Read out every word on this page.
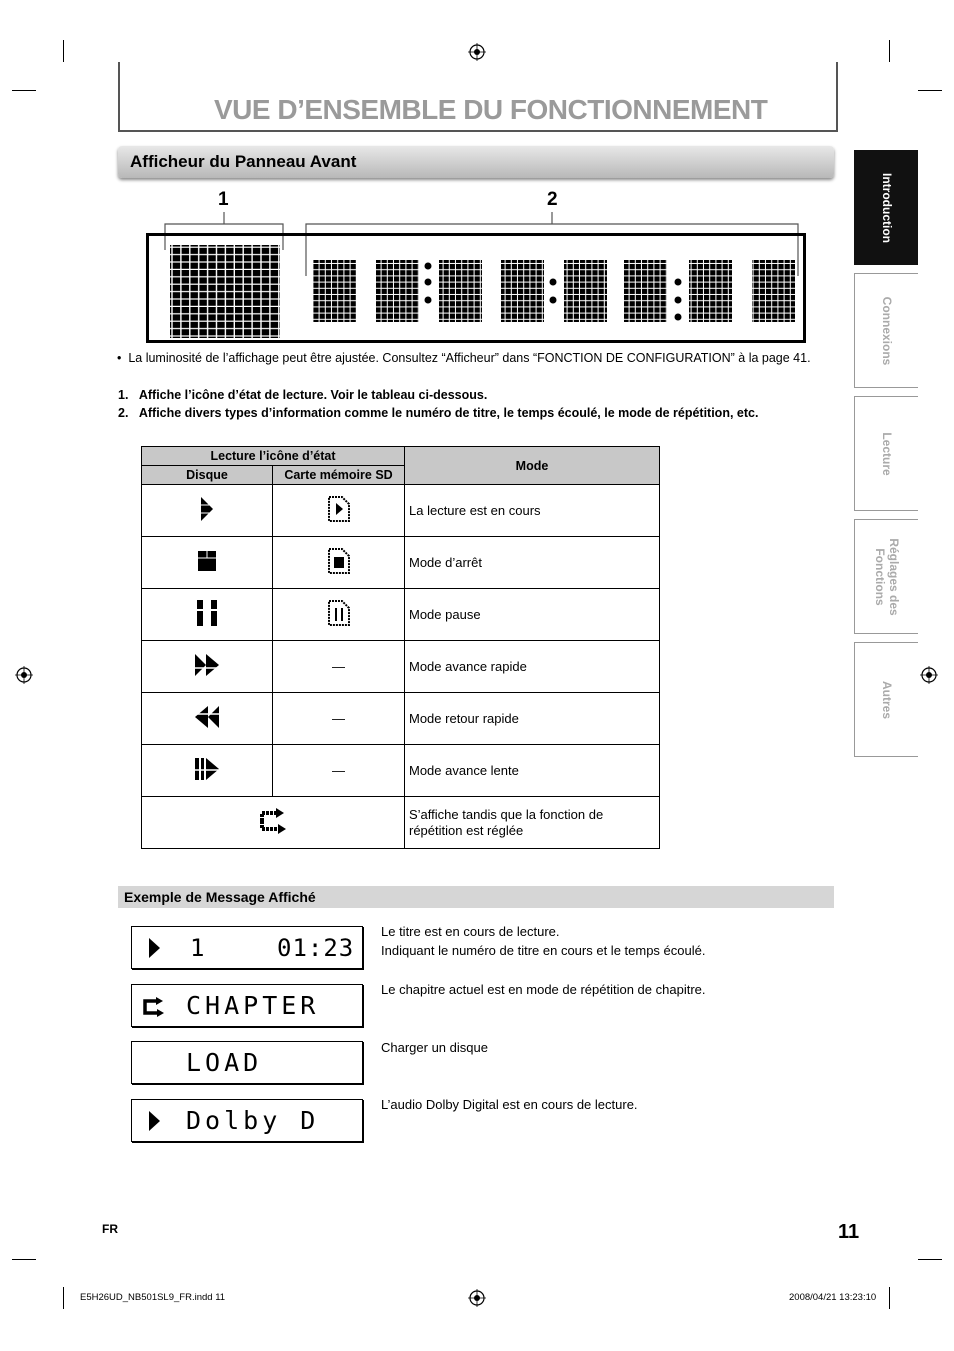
VUE D’ENSEMBLE DU FONCTIONNEMENT
Afficheur du Panneau Avant
Introduction
Connexions
Lecture
Réglages des Fonctions
Autres
1	2
•  La luminosité de l’affichage peut être ajustée. Consultez “Afficheur” dans “FONCTION DE CONFIGURATION” à la page 41.
1.   Affiche l’icône d’état de lecture. Voir le tableau ci-dessous.
2.   Affiche divers types d’information comme le numéro de titre, le temps écoulé, le mode de répétition, etc.
Lecture l’icône d’état		Mode
Disque	Carte mémoire SD	
		La lecture est en cours
		Mode d’arrêt
		Mode pause
	—	Mode avance rapide
	—	Mode retour rapide
	—	Mode avance lente
	S’affiche tandis que la fonction de répétition est réglée
Exemple de Message Affiché
1	01:23
Le titre est en cours de lecture.
Indiquant le numéro de titre en cours et le temps écoulé.
CHAPTER
Le chapitre actuel est en mode de répétition de chapitre.
LOAD
Charger un disque
Dolby D
L’audio Dolby Digital est en cours de lecture.
FR	11
E5H26UD_NB501SL9_FR.indd 11	2008/04/21 13:23:10
